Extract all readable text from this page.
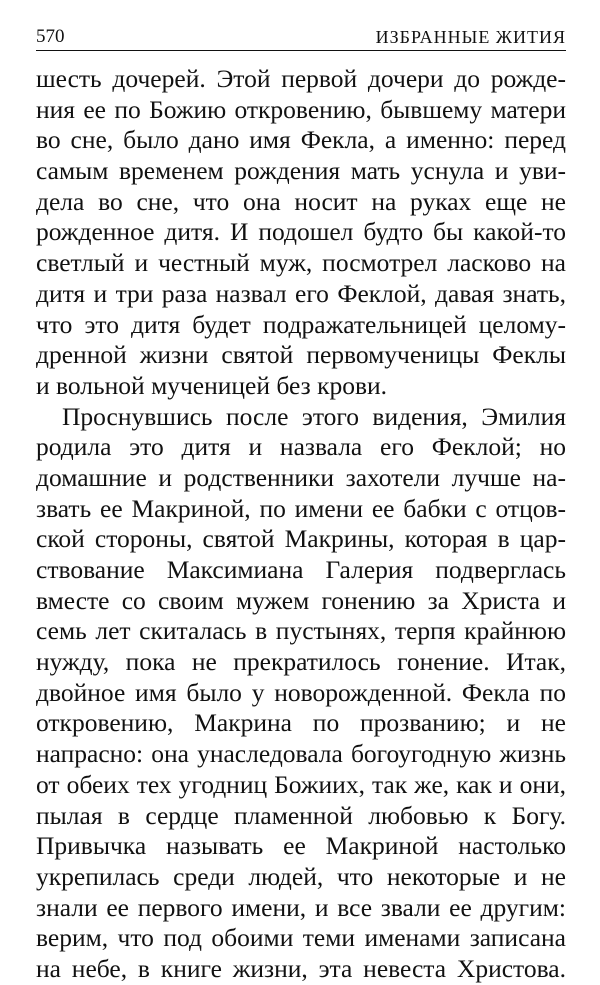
570	ИЗБРАННЫЕ ЖИТИЯ
шесть дочерей. Этой первой дочери до рожде-
ния ее по Божию откровению, бывшему матери
во сне, было дано имя Фекла, а именно: перед
самым временем рождения мать уснула и уви-
дела во сне, что она носит на руках еще не
рожденное дитя. И подошел будто бы какой-то
светлый и честный муж, посмотрел ласково на
дитя и три раза назвал его Феклой, давая знать,
что это дитя будет подражательницей целому-
дренной жизни святой первомученицы Феклы
и вольной мученицей без крови.
Проснувшись после этого видения, Эмилия
родила это дитя и назвала его Феклой; но
домашние и родственники захотели лучше на-
звать ее Макриной, по имени ее бабки с отцов-
ской стороны, святой Макрины, которая в цар-
ствование Максимиана Галерия подверглась
вместе со своим мужем гонению за Христа и
семь лет скиталась в пустынях, терпя крайнюю
нужду, пока не прекратилось гонение. Итак,
двойное имя было у новорожденной. Фекла по
откровению, Макрина по прозванию; и не
напрасно: она унаследовала богоугодную жизнь
от обеих тех угодниц Божиих, так же, как и они,
пылая в сердце пламенной любовью к Богу.
Привычка называть ее Макриной настолько
укрепилась среди людей, что некоторые и не
знали ее первого имени, и все звали ее другим:
верим, что под обоими теми именами записана
на небе, в книге жизни, эта невеста Христова.
